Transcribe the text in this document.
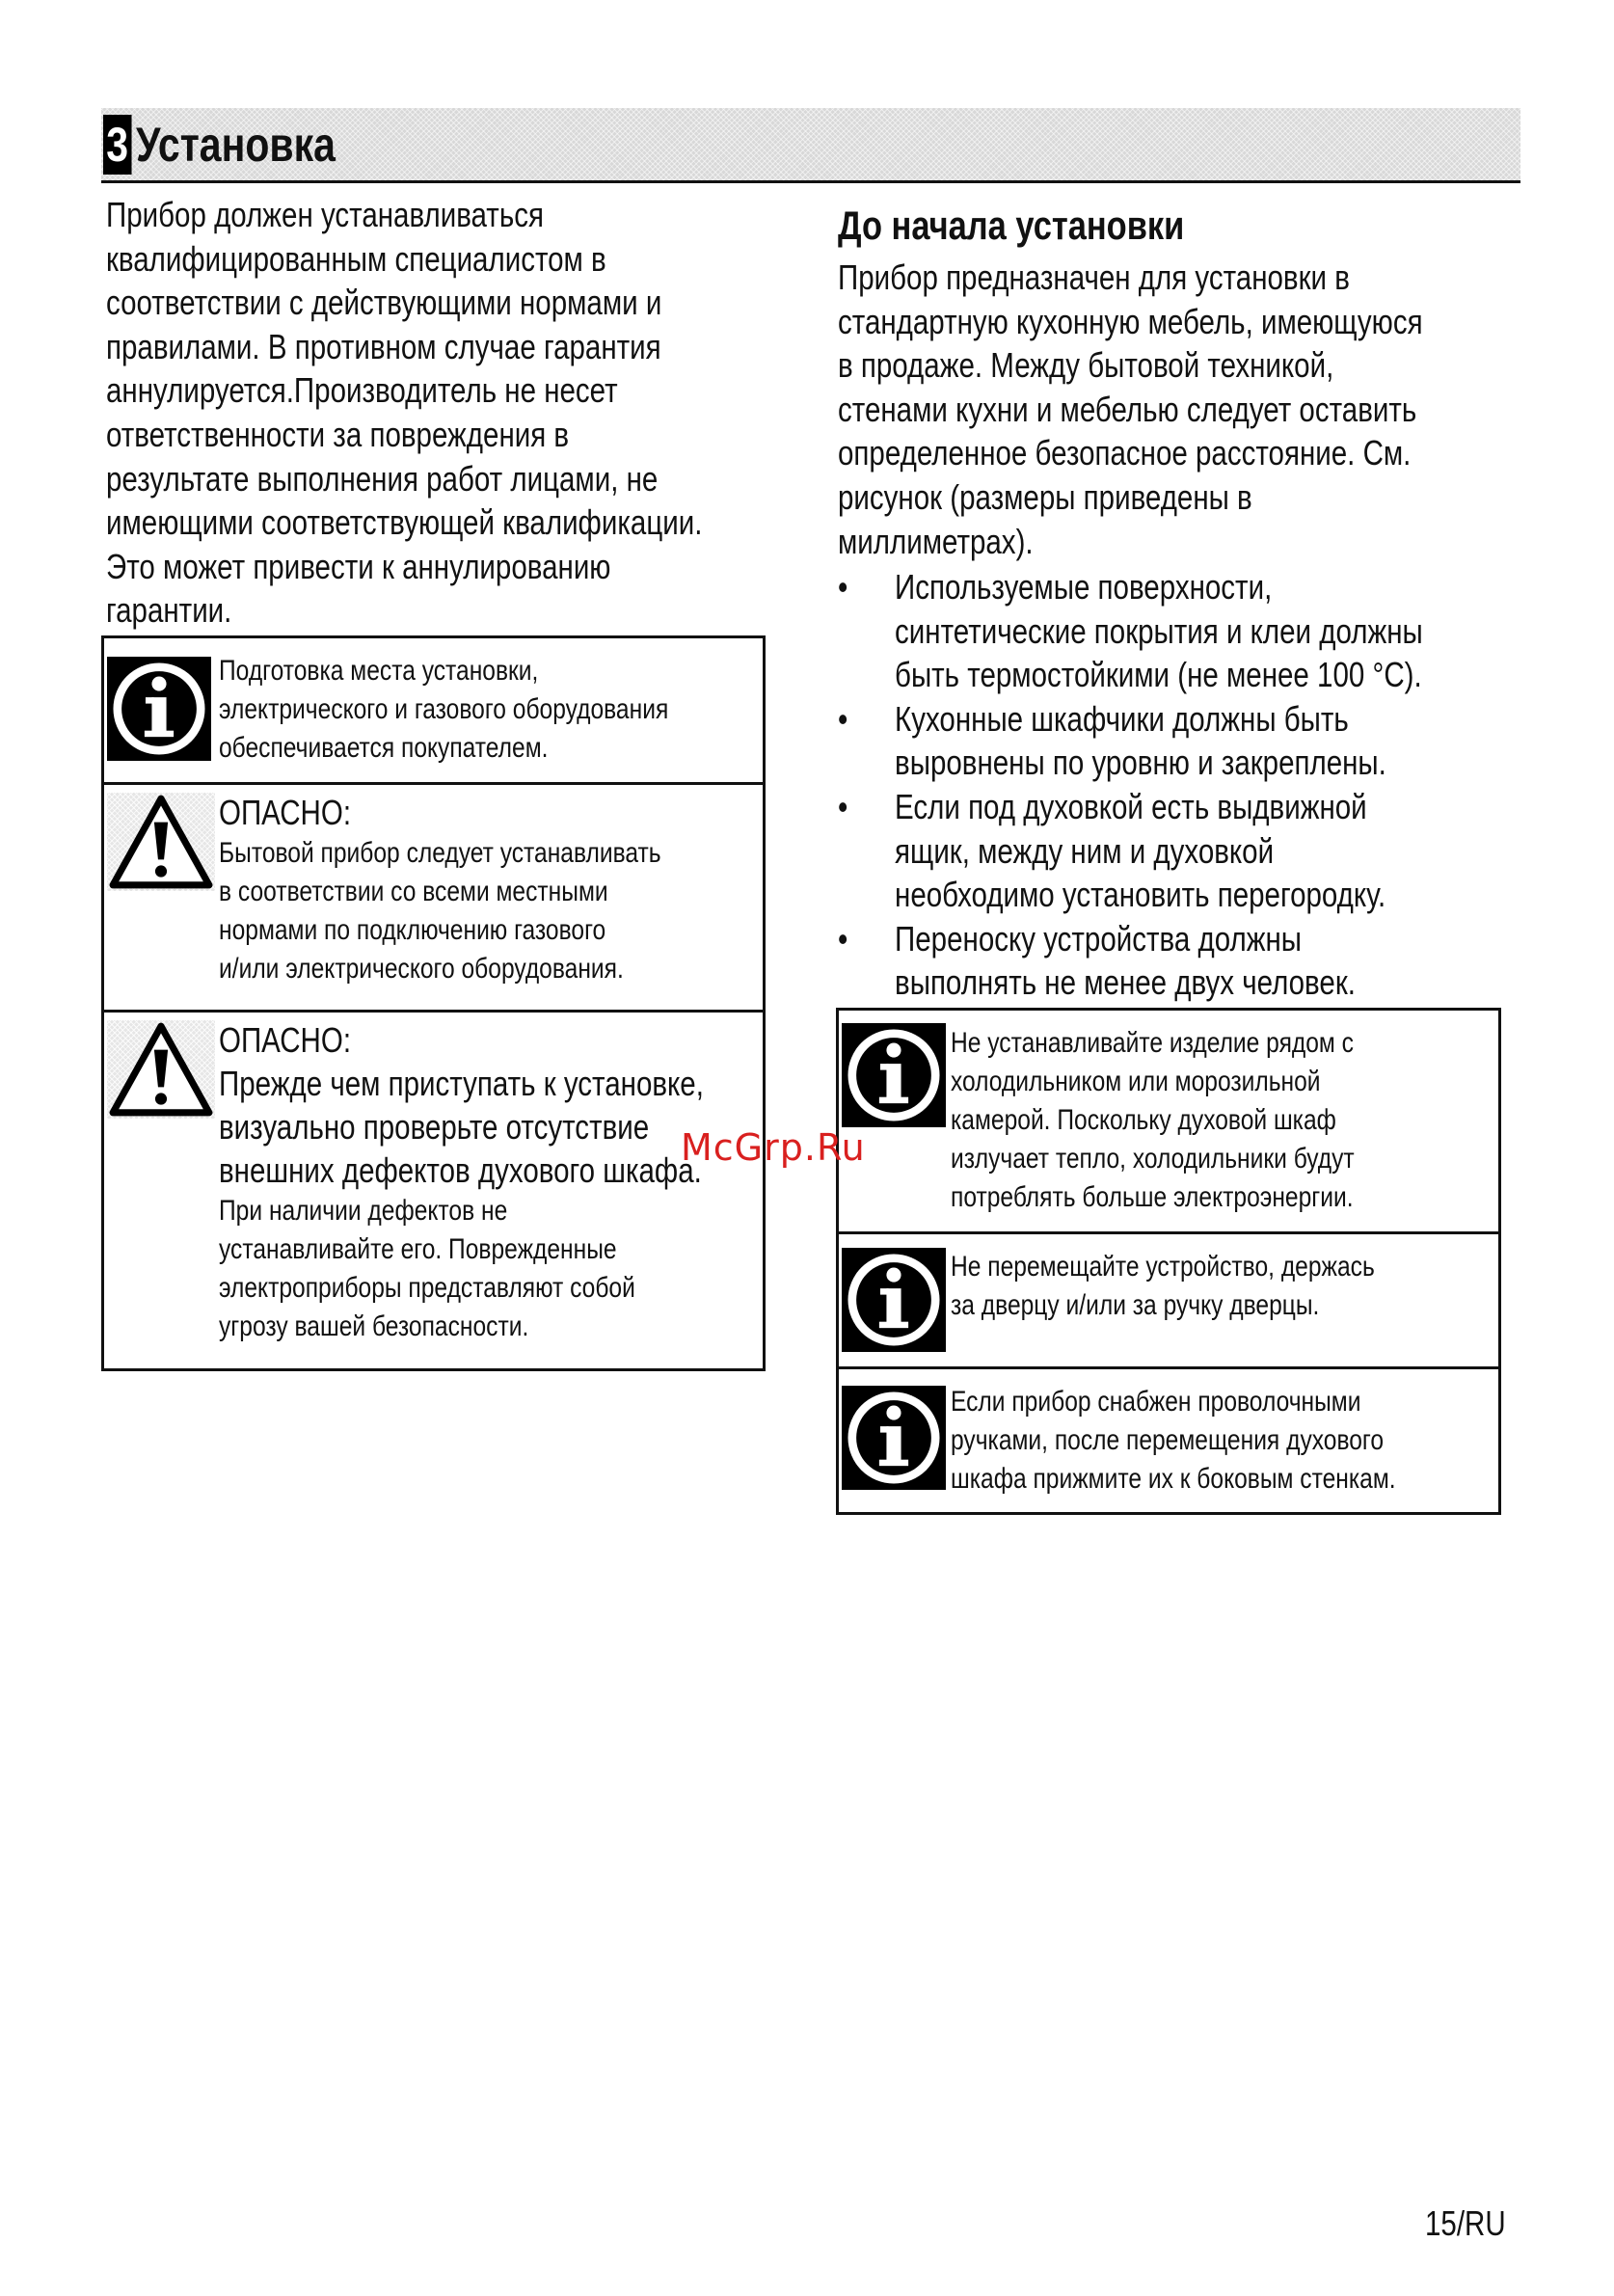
3 Установка
Прибор должен устанавливаться
квалифицированным специалистом в
соответствии с действующими нормами и
правилами. В противном случае гарантия
аннулируется.Производитель не несет
ответственности за повреждения в
результате выполнения работ лицами, не
имеющими соответствующей квалификации.
Это может привести к аннулированию
гарантии.
Подготовка места установки,
электрического и газового оборудования
обеспечивается покупателем.
ОПАСНО:
Бытовой прибор следует устанавливать
в соответствии со всеми местными
нормами по подключению газового
и/или электрического оборудования.
ОПАСНО:
Прежде чем приступать к установке,
визуально проверьте отсутствие
внешних дефектов духового шкафа.
При наличии дефектов не
устанавливайте его. Поврежденные
электроприборы представляют собой
угрозу вашей безопасности.
До начала установки
Прибор предназначен для установки в
стандартную кухонную мебель, имеющуюся
в продаже. Между бытовой техникой,
стенами кухни и мебелью следует оставить
определенное безопасное расстояние. См.
рисунок (размеры приведены в
миллиметрах).
• Используемые поверхности,
синтетические покрытия и клеи должны
быть термостойкими (не менее 100 °С).
• Кухонные шкафчики должны быть
выровнены по уровню и закреплены.
• Если под духовкой есть выдвижной
ящик, между ним и духовкой
необходимо установить перегородку.
• Переноску устройства должны
выполнять не менее двух человек.
Не устанавливайте изделие рядом с
холодильником или морозильной
камерой. Поскольку духовой шкаф
излучает тепло, холодильники будут
потреблять больше электроэнергии.
Не перемещайте устройство, держась
за дверцу и/или за ручку дверцы.
Если прибор снабжен проволочными
ручками, после перемещения духового
шкафа прижмите их к боковым стенкам.
McGrp.Ru
15/RU
